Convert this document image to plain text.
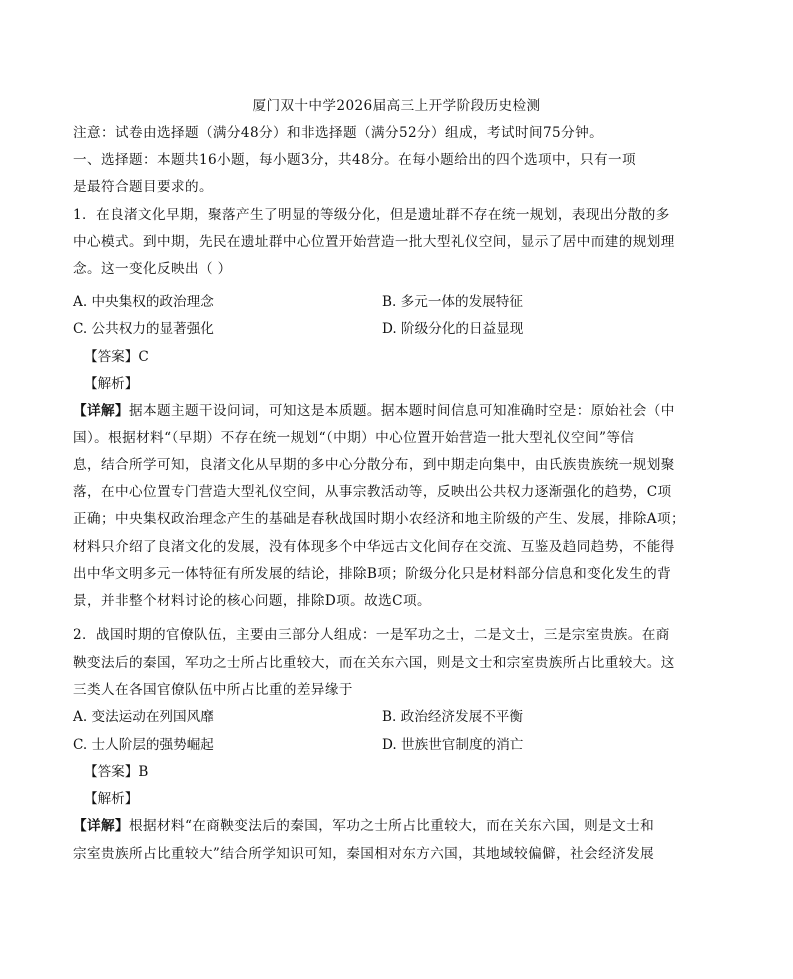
厦门双十中学2026届高三上开学阶段历史检测
注意：试卷由选择题（满分48分）和非选择题（满分52分）组成，考试时间75分钟。
一、选择题：本题共16小题，每小题3分，共48分。在每小题给出的四个选项中，只有一项
是最符合题目要求的。
1．在良渚文化早期，聚落产生了明显的等级分化，但是遗址群不存在统一规划，表现出分散的多
中心模式。到中期，先民在遗址群中心位置开始营造一批大型礼仪空间，显示了居中而建的规划理
念。这一变化反映出（ ）
A. 中央集权的政治理念	B. 多元一体的发展特征
C. 公共权力的显著强化	D. 阶级分化的日益显现
【答案】C
【解析】
【详解】据本题主题干设问词，可知这是本质题。据本题时间信息可知准确时空是：原始社会（中
国）。根据材料“（早期）不存在统一规划“（中期）中心位置开始营造一批大型礼仪空间”等信
息，结合所学可知，良渚文化从早期的多中心分散分布，到中期走向集中，由氏族贵族统一规划聚
落，在中心位置专门营造大型礼仪空间，从事宗教活动等，反映出公共权力逐渐强化的趋势，C项
正确；中央集权政治理念产生的基础是春秋战国时期小农经济和地主阶级的产生、发展，排除A项；
材料只介绍了良渚文化的发展，没有体现多个中华远古文化间存在交流、互鉴及趋同趋势，不能得
出中华文明多元一体特征有所发展的结论，排除B项；阶级分化只是材料部分信息和变化发生的背
景，并非整个材料讨论的核心问题，排除D项。故选C项。
2．战国时期的官僚队伍，主要由三部分人组成：一是军功之士，二是文士，三是宗室贵族。在商
鞅变法后的秦国，军功之士所占比重较大，而在关东六国，则是文士和宗室贵族所占比重较大。这
三类人在各国官僚队伍中所占比重的差异缘于
A. 变法运动在列国风靡	B. 政治经济发展不平衡
C. 士人阶层的强势崛起	D. 世族世官制度的消亡
【答案】B
【解析】
【详解】根据材料“在商鞅变法后的秦国，军功之士所占比重较大，而在关东六国，则是文士和
宗室贵族所占比重较大”结合所学知识可知，秦国相对东方六国，其地域较偏僻，社会经济发展
